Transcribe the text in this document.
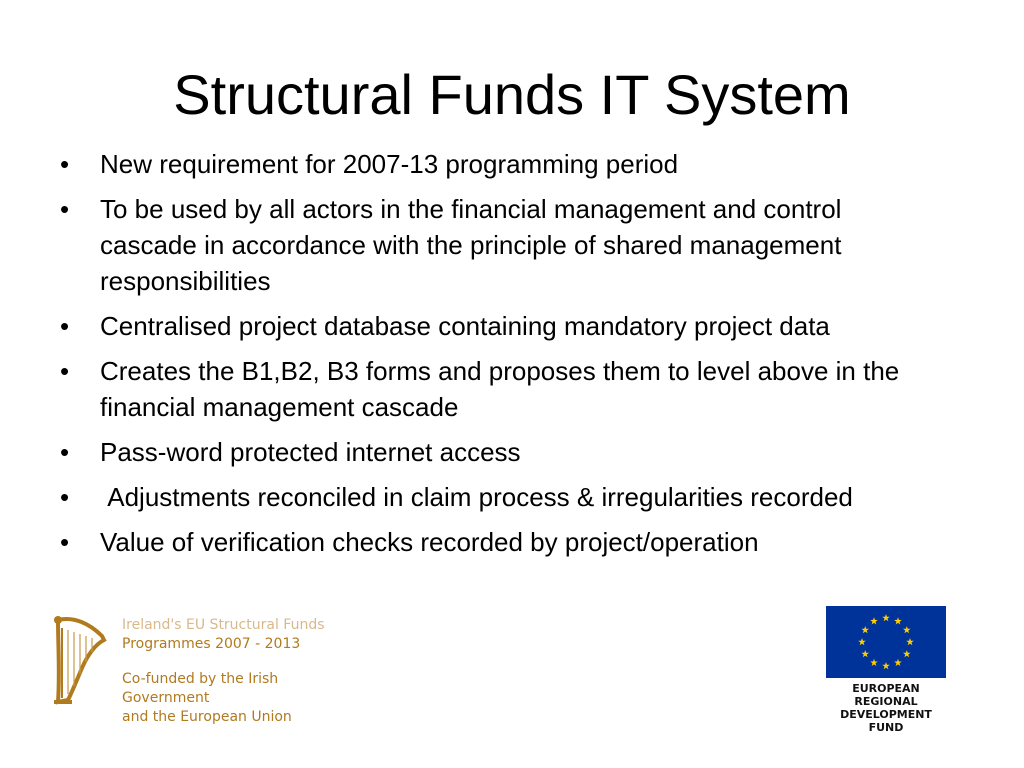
Structural Funds IT System
•	New requirement for 2007-13 programming period
•	To be used by all actors in the financial management and control cascade in accordance with the principle of shared management responsibilities
•	Centralised project database containing mandatory project data
•	Creates the B1,B2, B3 forms and proposes them to level above in the financial management cascade
•	Pass-word protected internet access
•	Adjustments reconciled in claim process & irregularities recorded
•	Value of verification checks recorded by project/operation
Ireland's EU Structural Funds
Programmes 2007 - 2013
Co-funded by the Irish Government
and the European Union
EUROPEAN REGIONAL
DEVELOPMENT FUND
